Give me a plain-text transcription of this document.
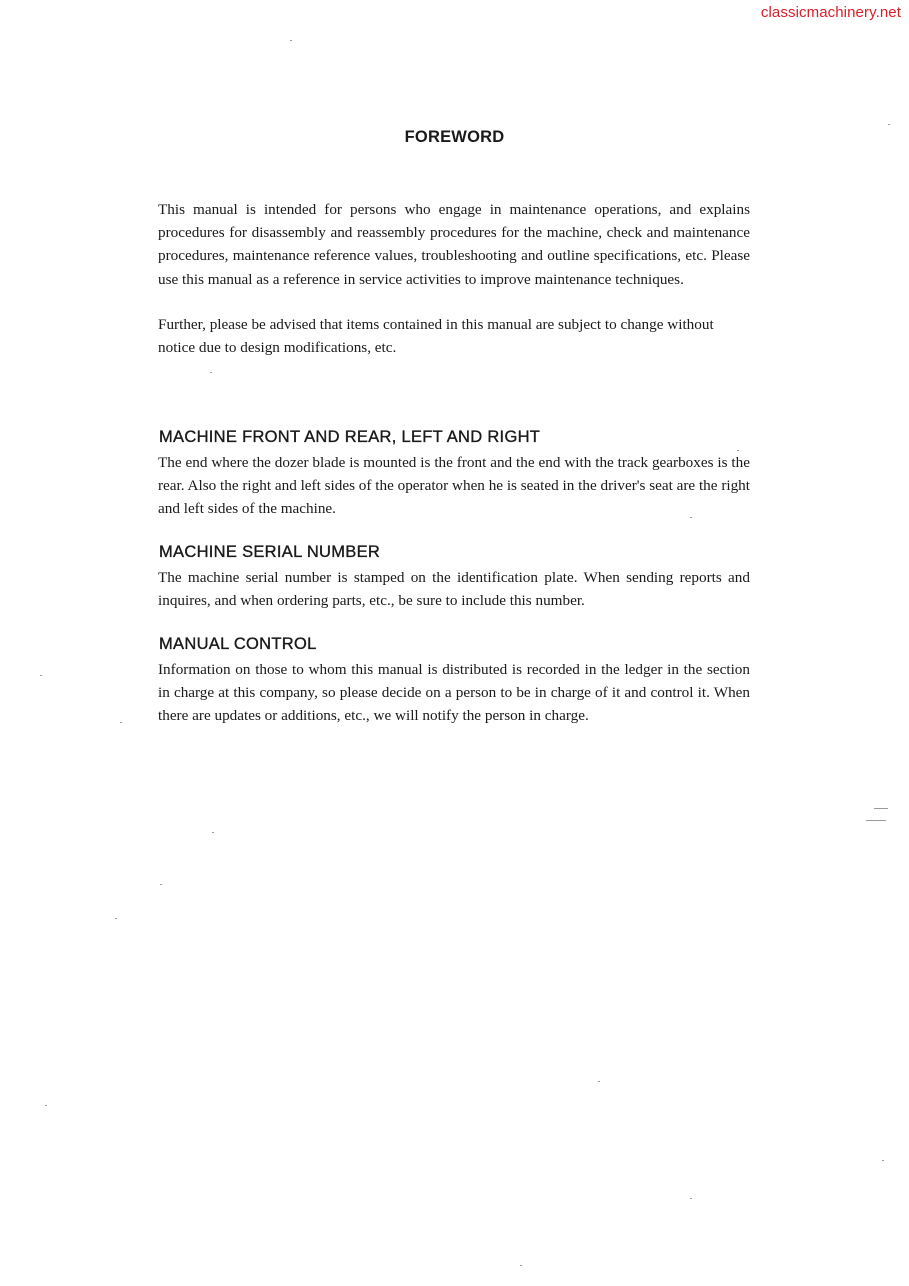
classicmachinery.net
FOREWORD

This manual is intended for persons who engage in maintenance operations, and explains procedures for disassembly and reassembly procedures for the machine, check and maintenance procedures, maintenance reference values, troubleshooting and outline specifications, etc. Please use this manual as a reference in service activities to improve maintenance techniques.

Further, please be advised that items contained in this manual are subject to change without notice due to design modifications, etc.

MACHINE FRONT AND REAR, LEFT AND RIGHT

The end where the dozer blade is mounted is the front and the end with the track gearboxes is the rear. Also the right and left sides of the operator when he is seated in the driver's seat are the right and left sides of the machine.

MACHINE SERIAL NUMBER

The machine serial number is stamped on the identification plate. When sending reports and inquires, and when ordering parts, etc., be sure to include this number.

MANUAL CONTROL

Information on those to whom this manual is distributed is recorded in the ledger in the section in charge at this company, so please decide on a person to be in charge of it and control it. When there are updates or additions, etc., we will notify the person in charge.
